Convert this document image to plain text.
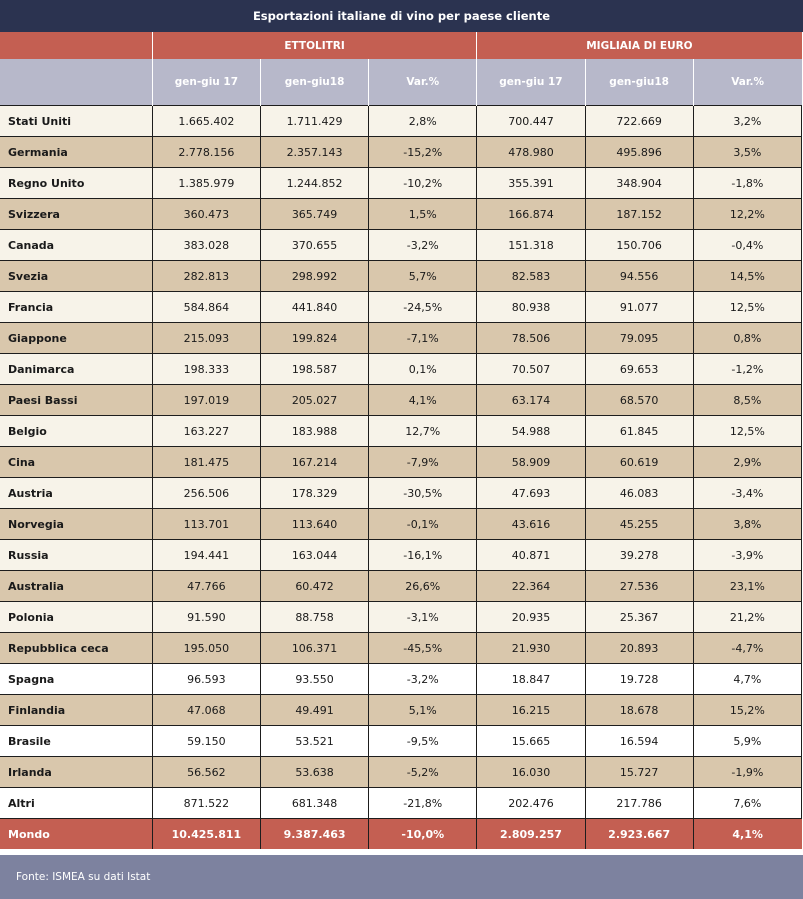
Esportazioni italiane di vino per paese cliente
	ETTOLITRI			MIGLIAIA DI EURO		
	gen-giu 17	gen-giu18	Var.%	gen-giu 17	gen-giu18	Var.%
Stati Uniti	1.665.402	1.711.429	2,8%	700.447	722.669	3,2%
Germania	2.778.156	2.357.143	-15,2%	478.980	495.896	3,5%
Regno Unito	1.385.979	1.244.852	-10,2%	355.391	348.904	-1,8%
Svizzera	360.473	365.749	1,5%	166.874	187.152	12,2%
Canada	383.028	370.655	-3,2%	151.318	150.706	-0,4%
Svezia	282.813	298.992	5,7%	82.583	94.556	14,5%
Francia	584.864	441.840	-24,5%	80.938	91.077	12,5%
Giappone	215.093	199.824	-7,1%	78.506	79.095	0,8%
Danimarca	198.333	198.587	0,1%	70.507	69.653	-1,2%
Paesi Bassi	197.019	205.027	4,1%	63.174	68.570	8,5%
Belgio	163.227	183.988	12,7%	54.988	61.845	12,5%
Cina	181.475	167.214	-7,9%	58.909	60.619	2,9%
Austria	256.506	178.329	-30,5%	47.693	46.083	-3,4%
Norvegia	113.701	113.640	-0,1%	43.616	45.255	3,8%
Russia	194.441	163.044	-16,1%	40.871	39.278	-3,9%
Australia	47.766	60.472	26,6%	22.364	27.536	23,1%
Polonia	91.590	88.758	-3,1%	20.935	25.367	21,2%
Repubblica ceca	195.050	106.371	-45,5%	21.930	20.893	-4,7%
Spagna	96.593	93.550	-3,2%	18.847	19.728	4,7%
Finlandia	47.068	49.491	5,1%	16.215	18.678	15,2%
Brasile	59.150	53.521	-9,5%	15.665	16.594	5,9%
Irlanda	56.562	53.638	-5,2%	16.030	15.727	-1,9%
Altri	871.522	681.348	-21,8%	202.476	217.786	7,6%
Mondo	10.425.811	9.387.463	-10,0%	2.809.257	2.923.667	4,1%
Fonte: ISMEA su dati Istat
